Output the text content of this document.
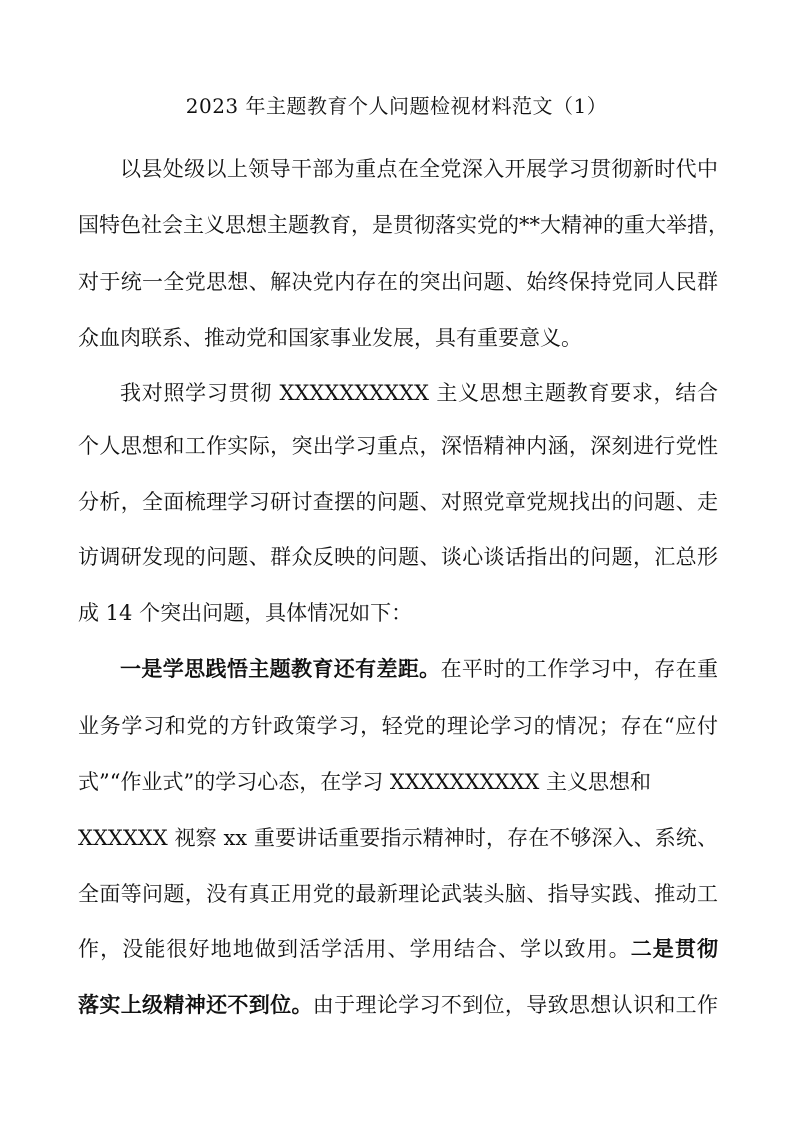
2023 年主题教育个人问题检视材料范文（1）
以县处级以上领导干部为重点在全党深入开展学习贯彻新时代中
国特色社会主义思想主题教育，是贯彻落实党的**大精神的重大举措，
对于统一全党思想、解决党内存在的突出问题、始终保持党同人民群
众血肉联系、推动党和国家事业发展，具有重要意义。
我对照学习贯彻 XXXXXXXXXX 主义思想主题教育要求，结合
个人思想和工作实际，突出学习重点，深悟精神内涵，深刻进行党性
分析，全面梳理学习研讨查摆的问题、对照党章党规找出的问题、走
访调研发现的问题、群众反映的问题、谈心谈话指出的问题，汇总形
成 14 个突出问题，具体情况如下：
一是学思践悟主题教育还有差距。在平时的工作学习中，存在重
业务学习和党的方针政策学习，轻党的理论学习的情况；存在“应付
式”“作业式”的学习心态，在学习 XXXXXXXXXX 主义思想和
XXXXXX 视察 xx 重要讲话重要指示精神时，存在不够深入、系统、
全面等问题，没有真正用党的最新理论武装头脑、指导实践、推动工
作，没能很好地地做到活学活用、学用结合、学以致用。二是贯彻
落实上级精神还不到位。由于理论学习不到位，导致思想认识和工作
